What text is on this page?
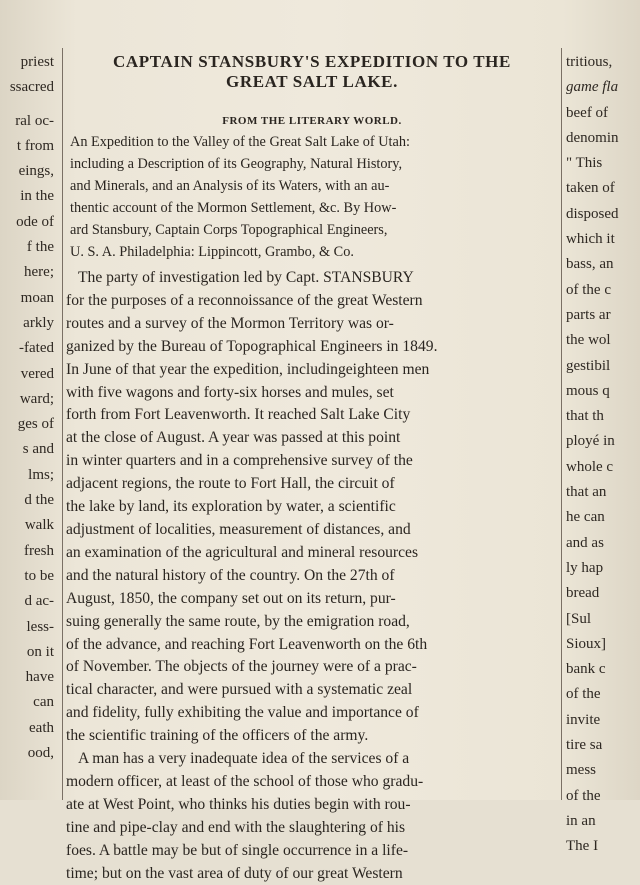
priest
ssacred
ral oc-
t from
eings,
in the
ode of
f the
here;
moan
arkly
-fated
vered
ward;
ges of
s and
lms;
d the
walk
fresh
to be
d ac-
less-
on it
have
can
eath
ood,
CAPTAIN STANSBURY'S EXPEDITION TO THE
GREAT SALT LAKE.
FROM THE LITERARY WORLD.
An Expedition to the Valley of the Great Salt Lake of Utah:
including a Description of its Geography, Natural History,
and Minerals, and an Analysis of its Waters, with an au-
thentic account of the Mormon Settlement, &c. By How-
ard Stansbury, Captain Corps Topographical Engineers,
U. S. A. Philadelphia: Lippincott, Grambo, & Co.
The party of investigation led by Capt. STANSBURY
for the purposes of a reconnoissance of the great Western
routes and a survey of the Mormon Territory was or-
ganized by the Bureau of Topographical Engineers in 1849.
In June of that year the expedition, includingeighteen men
with five wagons and forty-six horses and mules, set
forth from Fort Leavenworth. It reached Salt Lake City
at the close of August. A year was passed at this point
in winter quarters and in a comprehensive survey of the
adjacent regions, the route to Fort Hall, the circuit of
the lake by land, its exploration by water, a scientific
adjustment of localities, measurement of distances, and
an examination of the agricultural and mineral resources
and the natural history of the country. On the 27th of
August, 1850, the company set out on its return, pur-
suing generally the same route, by the emigration road,
of the advance, and reaching Fort Leavenworth on the 6th
of November. The objects of the journey were of a prac-
tical character, and were pursued with a systematic zeal
and fidelity, fully exhibiting the value and importance of
the scientific training of the officers of the army.
A man has a very inadequate idea of the services of a
modern officer, at least of the school of those who gradu-
ate at West Point, who thinks his duties begin with rou-
tine and pipe-clay and end with the slaughtering of his
foes. A battle may be but of single occurrence in a life-
time; but on the vast area of duty of our great Western
tritious,
game fla
beef of
denomin
" This
taken of
disposed
which it
bass, an
of the c
parts ar
the wol
gestibil
mous q
that th
ployé in
whole c
that an
he can
and as
ly hap
bread
[Sul
Sioux]
bank c
of the
invite
tire sa
mess
of the
in an
The I
